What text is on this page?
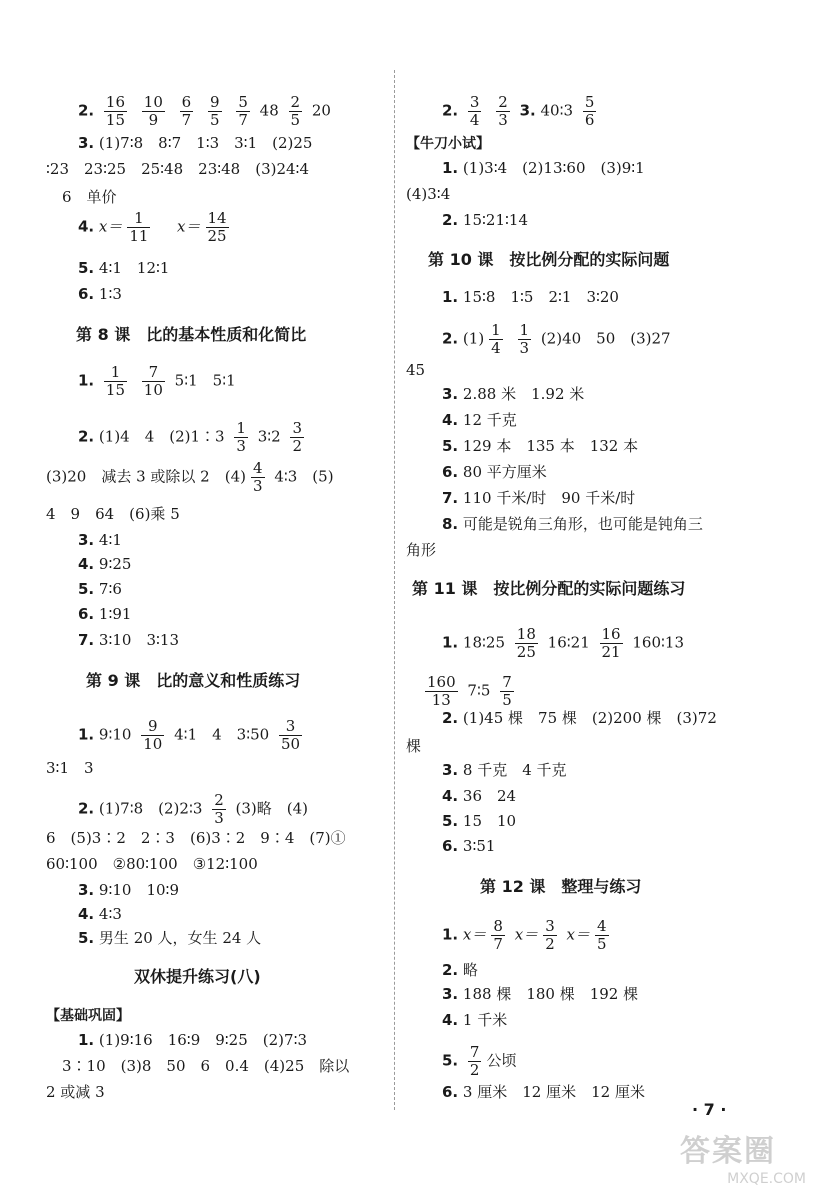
2. $\frac{16}{15}$
$\frac{10}{9}$
$\frac{6}{7}$
$\frac{9}{5}$
$\frac{5}{7} 48 \frac{2}{5} 20$
3. (1)7∶8　8∶7　1∶3　3∶1　(2)25
∶23　23∶25　25∶48　23∶48　(3)24∶4
6　单价
4. $x= \frac{1}{11} x= \frac{14}{25}$
5. 4∶1　12∶1
6. 1∶3
第 8 课　比的基本性质和化简比
1. $\frac{1}{15}$
$\frac{7}{10}$ 5∶1　5∶1
2. (1)4　4　(2)1∶3 $\frac{1}{3}$ 3∶2 $\frac{3}{2}$
(3)20　减去 3 或除以 2　$(4) \frac{4}{3}$ 4∶3　(5)
4　9　64　(6)乘 5
3. 4∶1
4. 9∶25
5. 7∶6
6. 1∶91
7. 3∶10　3∶13
第 9 课　比的意义和性质练习
1. 9∶10 $\frac{9}{10}$ 4∶1　4　3∶50 $\frac{3}{50}$
3∶1　3
2. (1)7∶8　(2)2∶3 $\frac{2}{3} (3)$略　(4)
6　(5)3∶2　2∶3　(6)3∶2　9∶4　(7)①
60∶100　②80∶100　③12∶100
3. 9∶10　10∶9
4. 4∶3
5. 男生 20 人，女生 24 人
双休提升练习(八)
【基础巩固】
1. (1)9∶16　16∶9　9∶25　(2)7∶3
3∶10　(3)8　50　6　0.4　(4)25　除以
2 或减 3
2. $\frac{3}{4}$
$\frac{2}{3} 3$. 40∶3 $\frac{5}{6}$
【牛刀小试】
1. (1)3∶4　(2)13∶60　(3)9∶1
(4)3∶4
2. 15∶21∶14
第 10 课　按比例分配的实际问题
1. 15∶8　1∶5　2∶1　3∶20
2. $(1) \frac{1}{4}$
$\frac{1}{3} (2)40$　50　(3)27
45
3. 2.88 米　1.92 米
4. 12 千克
5. 129 本　135 本　132 本
6. 80 平方厘米
7. 110 千米/时　90 千米/时
8. 可能是锐角三角形，也可能是钝角三
角形
第 11 课　按比例分配的实际问题练习
1. 18∶25 $\frac{18}{25}$ 16∶21 $\frac{16}{21}$ 160∶13
$\frac{160}{13}$ 7∶5 $\frac{7}{5}$
2. (1)45 棵　75 棵　(2)200 棵　(3)72
棵
3. 8 千克　4 千克
4. 36　24
5. 15　10
6. 3∶51
第 12 课　整理与练习
1. $x= \frac{8}{7} x= \frac{3}{2} x= \frac{4}{5}$
2. 略
3. 188 棵　180 棵　192 棵
4. 1 千米
5. $\frac{7}{2}$ 公顷
6. 3 厘米　12 厘米　12 厘米
· 7 ·
答案圈
MXQE.COM
